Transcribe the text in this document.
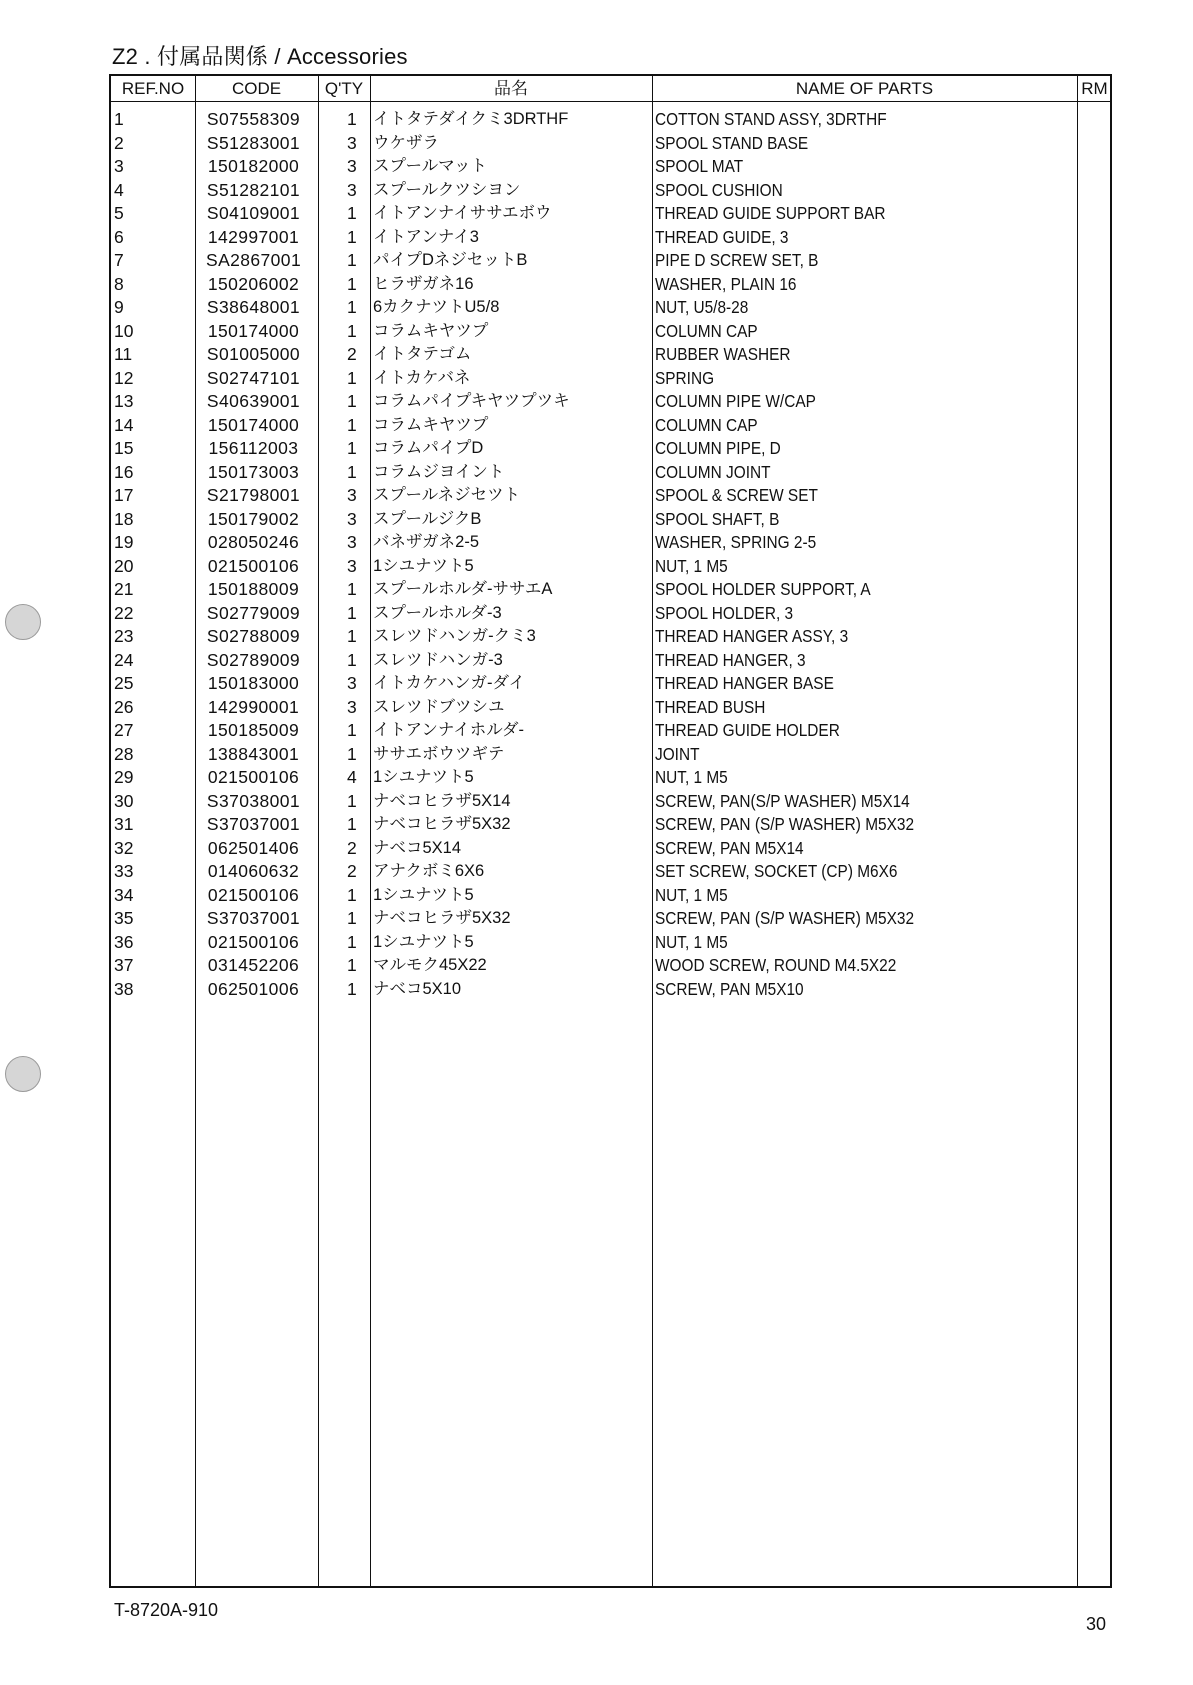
Z2 . 付属品関係 / Accessories
REF.NO	CODE	Q'TY	品名	NAME OF PARTS	RM
1	S07558309	1 イトタテダイクミ3DRTHF	COTTON STAND ASSY, 3DRTHF
2	S51283001	3 ウケザラ	SPOOL STAND BASE
3	150182000	3 スプールマット	SPOOL MAT
4	S51282101	3 スプールクツシヨン	SPOOL CUSHION
5	S04109001	1 イトアンナイササエボウ	THREAD GUIDE SUPPORT BAR
6	142997001	1 イトアンナイ3	THREAD GUIDE, 3
7	SA2867001	1 パイプDネジセットB	PIPE D SCREW SET, B
8	150206002	1 ヒラザガネ16	WASHER, PLAIN 16
9	S38648001	1 6カクナツトU5/8	NUT, U5/8-28
10	150174000	1 コラムキヤツプ	COLUMN CAP
11	S01005000	2 イトタテゴム	RUBBER WASHER
12	S02747101	1 イトカケバネ	SPRING
13	S40639001	1 コラムパイプキヤツプツキ	COLUMN PIPE W/CAP
14	150174000	1 コラムキヤツプ	COLUMN CAP
15	156112003	1 コラムパイプD	COLUMN PIPE, D
16	150173003	1 コラムジヨイント	COLUMN JOINT
17	S21798001	3 スプールネジセツト	SPOOL & SCREW SET
18	150179002	3 スプールジクB	SPOOL SHAFT, B
19	028050246	3 バネザガネ2-5	WASHER, SPRING 2-5
20	021500106	3 1シユナツト5	NUT, 1 M5
21	150188009	1 スプールホルダ-ササエA	SPOOL HOLDER SUPPORT, A
22	S02779009	1 スプールホルダ-3	SPOOL HOLDER, 3
23	S02788009	1 スレツドハンガ-クミ3	THREAD HANGER ASSY, 3
24	S02789009	1 スレツドハンガ-3	THREAD HANGER, 3
25	150183000	3 イトカケハンガ-ダイ	THREAD HANGER BASE
26	142990001	3 スレツドブツシユ	THREAD BUSH
27	150185009	1 イトアンナイホルダ-	THREAD GUIDE HOLDER
28	138843001	1 ササエボウツギテ	JOINT
29	021500106	4 1シユナツト5	NUT, 1 M5
30	S37038001	1 ナベコヒラザ5X14	SCREW, PAN(S/P WASHER) M5X14
31	S37037001	1 ナベコヒラザ5X32	SCREW, PAN (S/P WASHER) M5X32
32	062501406	2 ナベコ5X14	SCREW, PAN M5X14
33	014060632	2 アナクボミ6X6	SET SCREW, SOCKET (CP) M6X6
34	021500106	1 1シユナツト5	NUT, 1 M5
35	S37037001	1 ナベコヒラザ5X32	SCREW, PAN (S/P WASHER) M5X32
36	021500106	1 1シユナツト5	NUT, 1 M5
37	031452206	1 マルモク45X22	WOOD SCREW, ROUND M4.5X22
38	062501006	1 ナベコ5X10	SCREW, PAN M5X10
T-8720A-910
30
